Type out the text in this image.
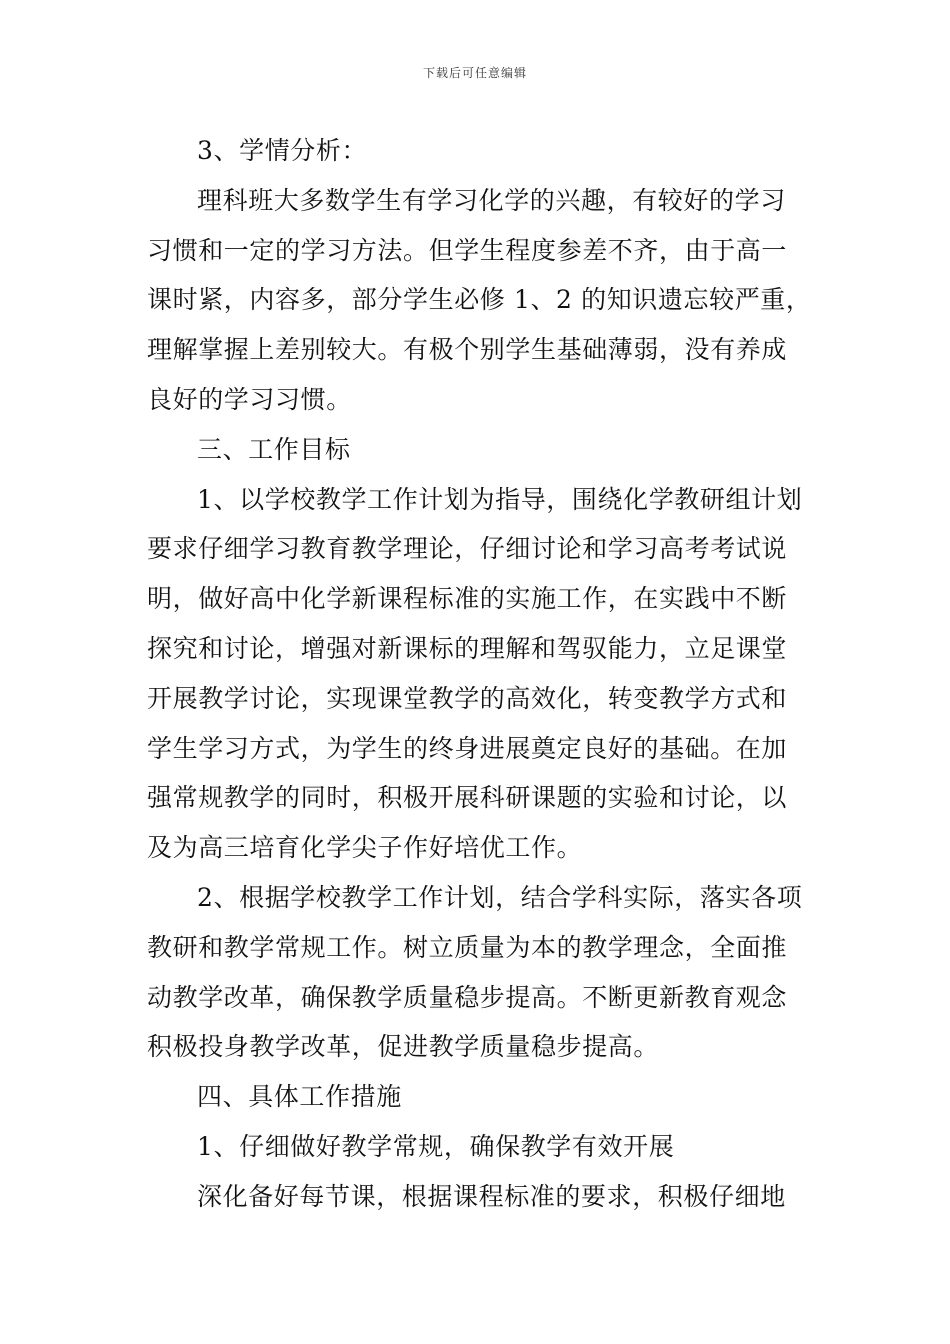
下载后可任意编辑
3、学情分析：
理科班大多数学生有学习化学的兴趣，有较好的学习
习惯和一定的学习方法。但学生程度参差不齐，由于高一
课时紧，内容多，部分学生必修 1、2 的知识遗忘较严重，
理解掌握上差别较大。有极个别学生基础薄弱，没有养成
良好的学习习惯。
三、工作目标
1、以学校教学工作计划为指导，围绕化学教研组计划
要求仔细学习教育教学理论，仔细讨论和学习高考考试说
明，做好高中化学新课程标准的实施工作，在实践中不断
探究和讨论，增强对新课标的理解和驾驭能力，立足课堂
开展教学讨论，实现课堂教学的高效化，转变教学方式和
学生学习方式，为学生的终身进展奠定良好的基础。在加
强常规教学的同时，积极开展科研课题的实验和讨论，以
及为高三培育化学尖子作好培优工作。
2、根据学校教学工作计划，结合学科实际，落实各项
教研和教学常规工作。树立质量为本的教学理念，全面推
动教学改革，确保教学质量稳步提高。不断更新教育观念
积极投身教学改革，促进教学质量稳步提高。
四、具体工作措施
1、仔细做好教学常规，确保教学有效开展
深化备好每节课，根据课程标准的要求，积极仔细地
